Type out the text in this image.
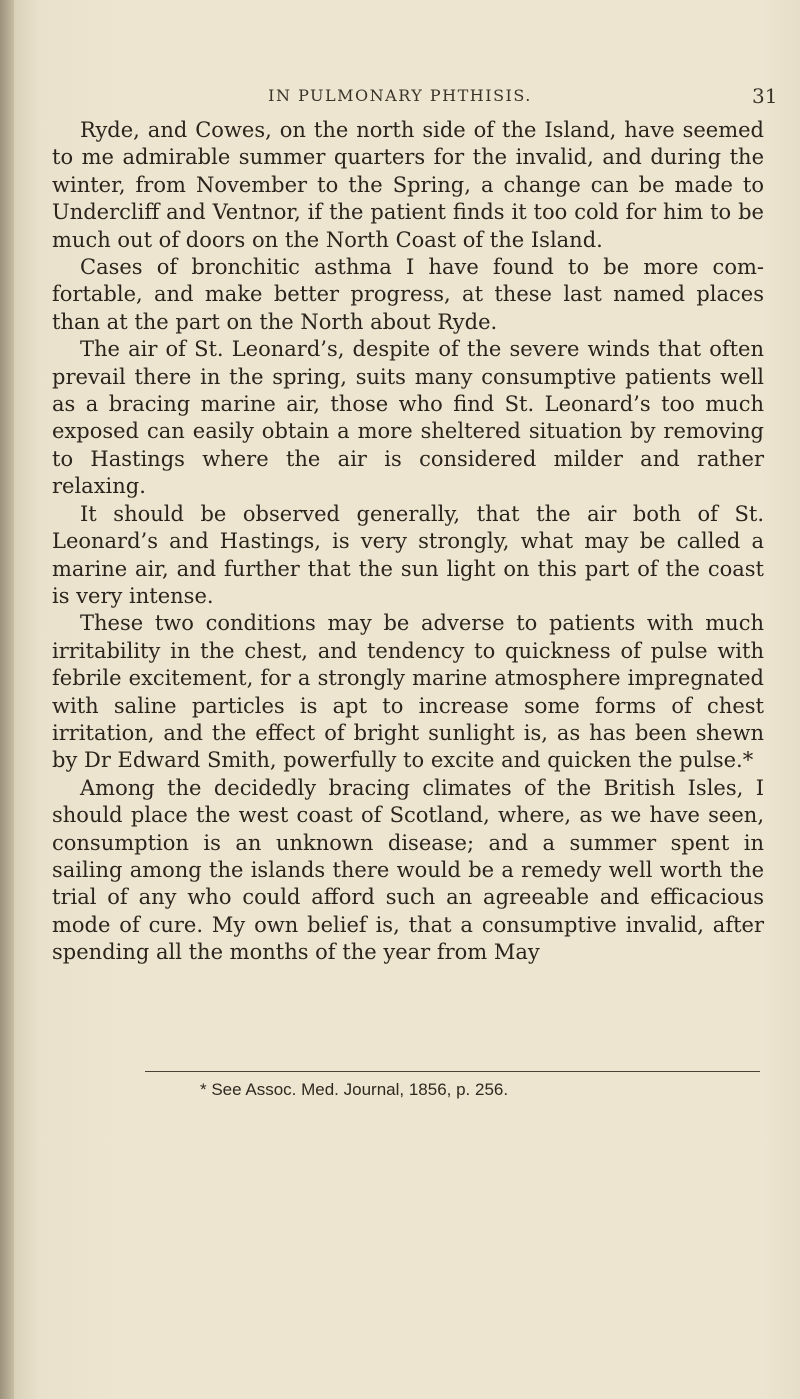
IN PULMONARY PHTHISIS.	31

Ryde, and Cowes, on the north side of the Island, have seemed to me admirable summer quarters for the invalid, and during the winter, from November to the Spring, a change can be made to Undercliff and Ventnor, if the patient finds it too cold for him to be much out of doors on the North Coast of the Island.

Cases of bronchitic asthma I have found to be more comfortable, and make better progress, at these last named places than at the part on the North about Ryde.

The air of St. Leonard’s, despite of the severe winds that often prevail there in the spring, suits many consumptive patients well as a bracing marine air, those who find St. Leonard’s too much exposed can easily obtain a more sheltered situation by removing to Hastings where the air is considered milder and rather relaxing.

It should be observed generally, that the air both of St. Leonard’s and Hastings, is very strongly, what may be called a marine air, and further that the sun light on this part of the coast is very intense.

These two conditions may be adverse to patients with much irritability in the chest, and tendency to quickness of pulse with febrile excitement, for a strongly marine atmosphere impregnated with saline particles is apt to increase some forms of chest irritation, and the effect of bright sunlight is, as has been shewn by Dr Edward Smith, powerfully to excite and quicken the pulse.*

Among the decidedly bracing climates of the British Isles, I should place the west coast of Scotland, where, as we have seen, consumption is an unknown disease; and a summer spent in sailing among the islands there would be a remedy well worth the trial of any who could afford such an agreeable and efficacious mode of cure. My own belief is, that a consumptive invalid, after spending all the months of the year from May

* See Assoc. Med. Journal, 1856, p. 256.
